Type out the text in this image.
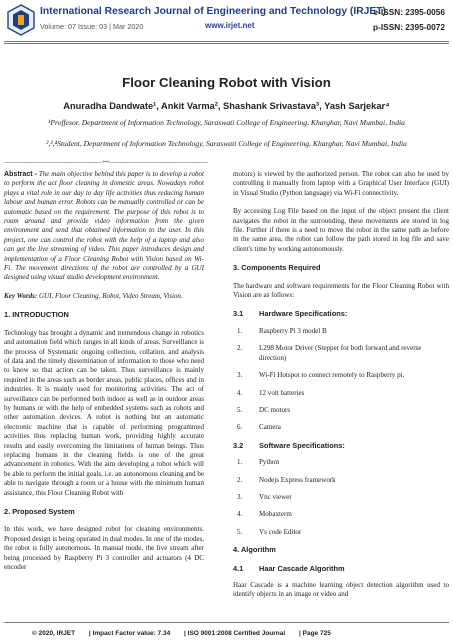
International Research Journal of Engineering and Technology (IRJET)
Volume: 07 Issue: 03 | Mar 2020	www.irjet.net
e-ISSN: 2395-0056
p-ISSN: 2395-0072
Floor Cleaning Robot with Vision
Anuradha Dandwate¹, Ankit Varma², Shashank Srivastava³, Yash Sarjekar⁴
¹Proffesor, Department of Information Technology, Saraswati College of Engineering, Kharghar, Navi Mumbai, India
²,³,⁴Student, Department of Information Technology, Saraswati College of Engineering, Kharghar, Navi Mumbai, India
------------------------------------------------------------------------------***------------------------------------------------------------------------------

Abstract - The main objective behind this paper is to develop a robot to perform the act floor cleaning in domestic areas. Nowadays robot plays a vital role in our day to day life activities thus reducing human labour and human error. Robots can be manually controlled or can be automatic based on the requirement. The purpose of this robot is to roam around and provide video information from the given environment and send that obtained information to the user. In this project, one can control the robot with the help of a laptop and also can get the live streaming of video. This paper introduces design and implementation of a Floor Cleaning Robot with Vision based on Wi-Fi. The movement directions of the robot are controlled by a GUI designed using visual studio development environment.

Key Words: GUI, Floor Cleaning, Robot, Video Stream, Vision.

1. INTRODUCTION

Technology has brought a dynamic and tremendous change in robotics and automation field which ranges in all kinds of areas. Surveillance is the process of Systematic ongoing collection, collation, and analysis of data and the timely dissemination of information to those who need to know so that action can be taken. Thus surveillance is mainly required in the areas such as border areas, public places, offices and in industries. It is mainly used for monitoring activities. The act of surveillance can be performed both indoor as well as in outdoor areas by humans or with the help of embedded systems such as robots and other automation devices. A robot is nothing but an automatic electronic machine that is capable of performing programmed activities thus replacing human work, providing highly accurate results and easily overcoming the limitations of human beings. Thus replacing humans in the cleaning fields is one of the great advancement in robotics. With the aim developing a robot which will be able to perform the initial goals, i.e. an autonomous cleaning and be able to navigate through a room or a house with the minimum human assistance, this Floor Cleaning Robot with

2. Proposed System

In this work, we have designed robot for cleaning environments. Proposed design is being operated in dual modes. In one of the modes, the robot is fully autonomous. In manual mode, the live stream after being processed by Raspberry Pi 3 controller and actuators (4 DC encoder

motors) is viewed by the authorized person. The robot can also be used by controlling it manually from laptop with a Graphical User Interface (GUI) in Visual Studio (Python language) via Wi-Fi connectivity.

By accessing Log File based on the input of the object present the client navigates the robot in the surrounding, these movements are stored in log file. Further if there is a need to move the robot in the same path as before in the same area, the robot can follow the path stored in log file and save client's time by working autonomously.

3. Components Required

The hardware and software requirements for the Floor Cleaning Robot with Vision are as follows:

3.1	Hardware Specifications:
1.	Raspberry Pi 3 model B
2.	L298 Motor Driver (Stepper for both forward and reverse direction)
3.	Wi-Fi Hotspot to connect remotely to Raspberry pi.
4.	12 volt batteries
5.	DC motors
6.	Camera
3.2	Software Specifications:
1.	Python
2.	Nodejs Express framework
3.	Vnc viewer
4.	Mobaxterm
5.	Vs code Editor
4. Algorithm
4.1	Haar Cascade Algorithm

Haar Cascade is a machine learning object detection algorithm used to identify objects in an image or video and

© 2020, IRJET | Impact Factor value: 7.34 | ISO 9001:2008 Certified Journal | Page 725
